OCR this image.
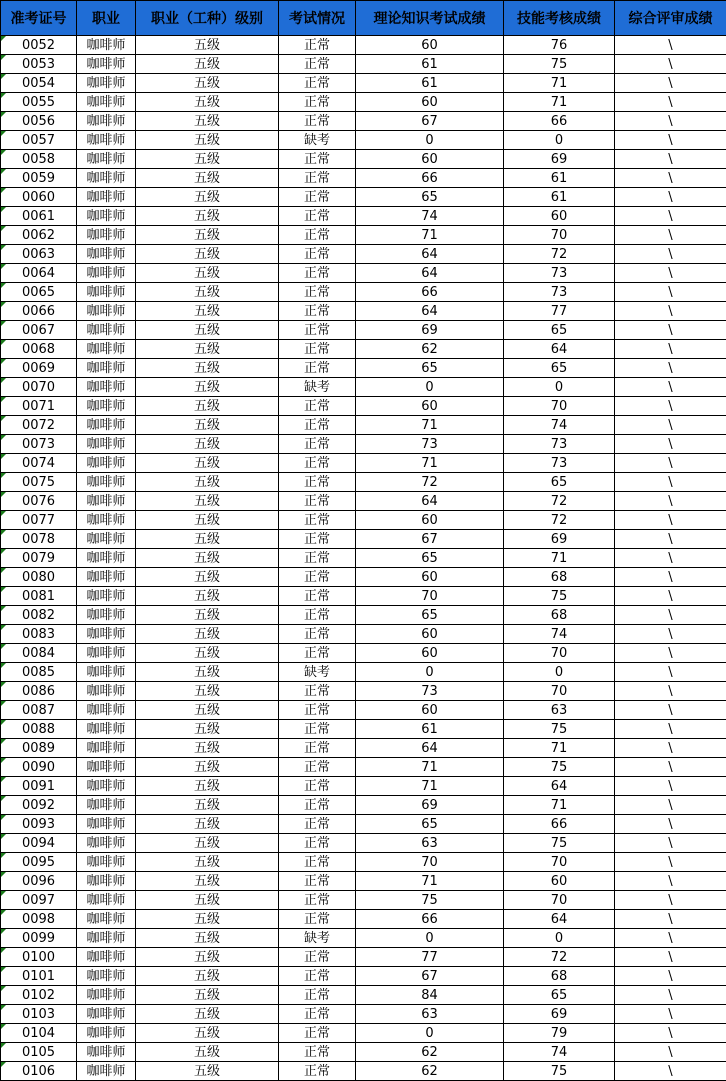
准考证号	职业	职业（工种）级别	考试情况	理论知识考试成绩	技能考核成绩	综合评审成绩
0052	咖啡师	五级	正常	60	76	\
0053	咖啡师	五级	正常	61	75	\
0054	咖啡师	五级	正常	61	71	\
0055	咖啡师	五级	正常	60	71	\
0056	咖啡师	五级	正常	67	66	\
0057	咖啡师	五级	缺考	0	0	\
0058	咖啡师	五级	正常	60	69	\
0059	咖啡师	五级	正常	66	61	\
0060	咖啡师	五级	正常	65	61	\
0061	咖啡师	五级	正常	74	60	\
0062	咖啡师	五级	正常	71	70	\
0063	咖啡师	五级	正常	64	72	\
0064	咖啡师	五级	正常	64	73	\
0065	咖啡师	五级	正常	66	73	\
0066	咖啡师	五级	正常	64	77	\
0067	咖啡师	五级	正常	69	65	\
0068	咖啡师	五级	正常	62	64	\
0069	咖啡师	五级	正常	65	65	\
0070	咖啡师	五级	缺考	0	0	\
0071	咖啡师	五级	正常	60	70	\
0072	咖啡师	五级	正常	71	74	\
0073	咖啡师	五级	正常	73	73	\
0074	咖啡师	五级	正常	71	73	\
0075	咖啡师	五级	正常	72	65	\
0076	咖啡师	五级	正常	64	72	\
0077	咖啡师	五级	正常	60	72	\
0078	咖啡师	五级	正常	67	69	\
0079	咖啡师	五级	正常	65	71	\
0080	咖啡师	五级	正常	60	68	\
0081	咖啡师	五级	正常	70	75	\
0082	咖啡师	五级	正常	65	68	\
0083	咖啡师	五级	正常	60	74	\
0084	咖啡师	五级	正常	60	70	\
0085	咖啡师	五级	缺考	0	0	\
0086	咖啡师	五级	正常	73	70	\
0087	咖啡师	五级	正常	60	63	\
0088	咖啡师	五级	正常	61	75	\
0089	咖啡师	五级	正常	64	71	\
0090	咖啡师	五级	正常	71	75	\
0091	咖啡师	五级	正常	71	64	\
0092	咖啡师	五级	正常	69	71	\
0093	咖啡师	五级	正常	65	66	\
0094	咖啡师	五级	正常	63	75	\
0095	咖啡师	五级	正常	70	70	\
0096	咖啡师	五级	正常	71	60	\
0097	咖啡师	五级	正常	75	70	\
0098	咖啡师	五级	正常	66	64	\
0099	咖啡师	五级	缺考	0	0	\
0100	咖啡师	五级	正常	77	72	\
0101	咖啡师	五级	正常	67	68	\
0102	咖啡师	五级	正常	84	65	\
0103	咖啡师	五级	正常	63	69	\
0104	咖啡师	五级	正常	0	79	\
0105	咖啡师	五级	正常	62	74	\
0106	咖啡师	五级	正常	62	75	\
